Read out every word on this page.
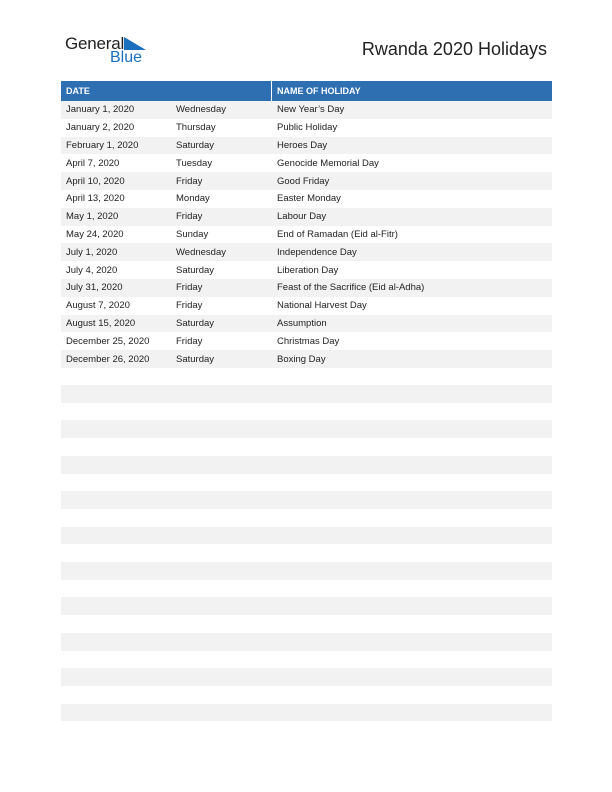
General
Blue	Rwanda 2020 Holidays
DATE	NAME OF HOLIDAY
January 1, 2020	Wednesday	New Year’s Day
January 2, 2020	Thursday	Public Holiday
February 1, 2020	Saturday	Heroes Day
April 7, 2020	Tuesday	Genocide Memorial Day
April 10, 2020	Friday	Good Friday
April 13, 2020	Monday	Easter Monday
May 1, 2020	Friday	Labour Day
May 24, 2020	Sunday	End of Ramadan (Eid al-Fitr)
July 1, 2020	Wednesday	Independence Day
July 4, 2020	Saturday	Liberation Day
July 31, 2020	Friday	Feast of the Sacrifice (Eid al-Adha)
August 7, 2020	Friday	National Harvest Day
August 15, 2020	Saturday	Assumption
December 25, 2020	Friday	Christmas Day
December 26, 2020	Saturday	Boxing Day
